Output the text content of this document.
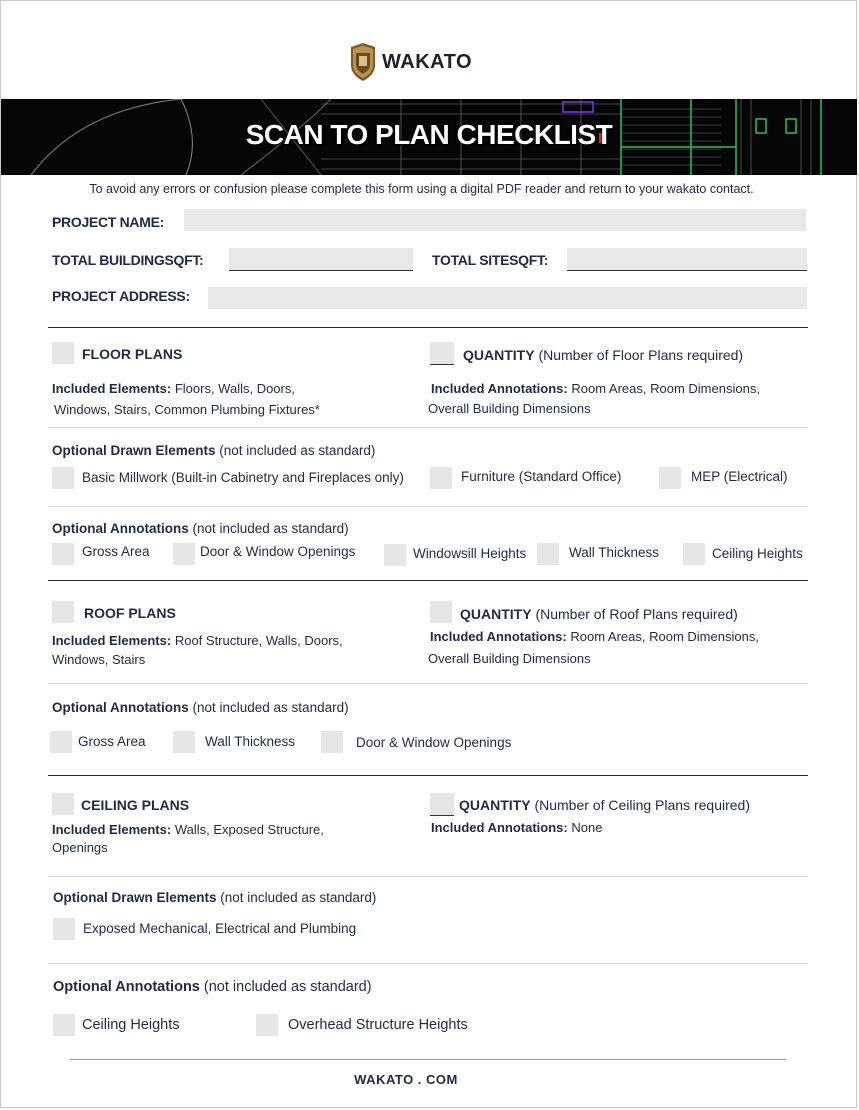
WAKATO
SCAN TO PLAN CHECKLIST
To avoid any errors or confusion please complete this form using a digital PDF reader and return to your wakato contact.
PROJECT NAME:
TOTAL BUILDINGSQFT:	TOTAL SITESQFT:
PROJECT ADDRESS:
FLOOR PLANS	QUANTITY (Number of Floor Plans required)
Included Elements: Floors, Walls, Doors,
Windows, Stairs, Common Plumbing Fixtures*
Included Annotations: Room Areas, Room Dimensions,
Overall Building Dimensions
Optional Drawn Elements (not included as standard)
Basic Millwork (Built-in Cabinetry and Fireplaces only)	Furniture (Standard Office)	MEP (Electrical)
Optional Annotations (not included as standard)
Gross Area	Door & Window Openings	Windowsill Heights	Wall Thickness	Ceiling Heights
ROOF PLANS	QUANTITY (Number of Roof Plans required)
Included Elements: Roof Structure, Walls, Doors,
Windows, Stairs
Included Annotations: Room Areas, Room Dimensions,
Overall Building Dimensions
Optional Annotations (not included as standard)
Gross Area	Wall Thickness	Door & Window Openings
CEILING PLANS	QUANTITY (Number of Ceiling Plans required)
Included Elements: Walls, Exposed Structure,
Openings
Included Annotations: None
Optional Drawn Elements (not included as standard)
Exposed Mechanical, Electrical and Plumbing
Optional Annotations (not included as standard)
Ceiling Heights	Overhead Structure Heights
WAKATO . COM
